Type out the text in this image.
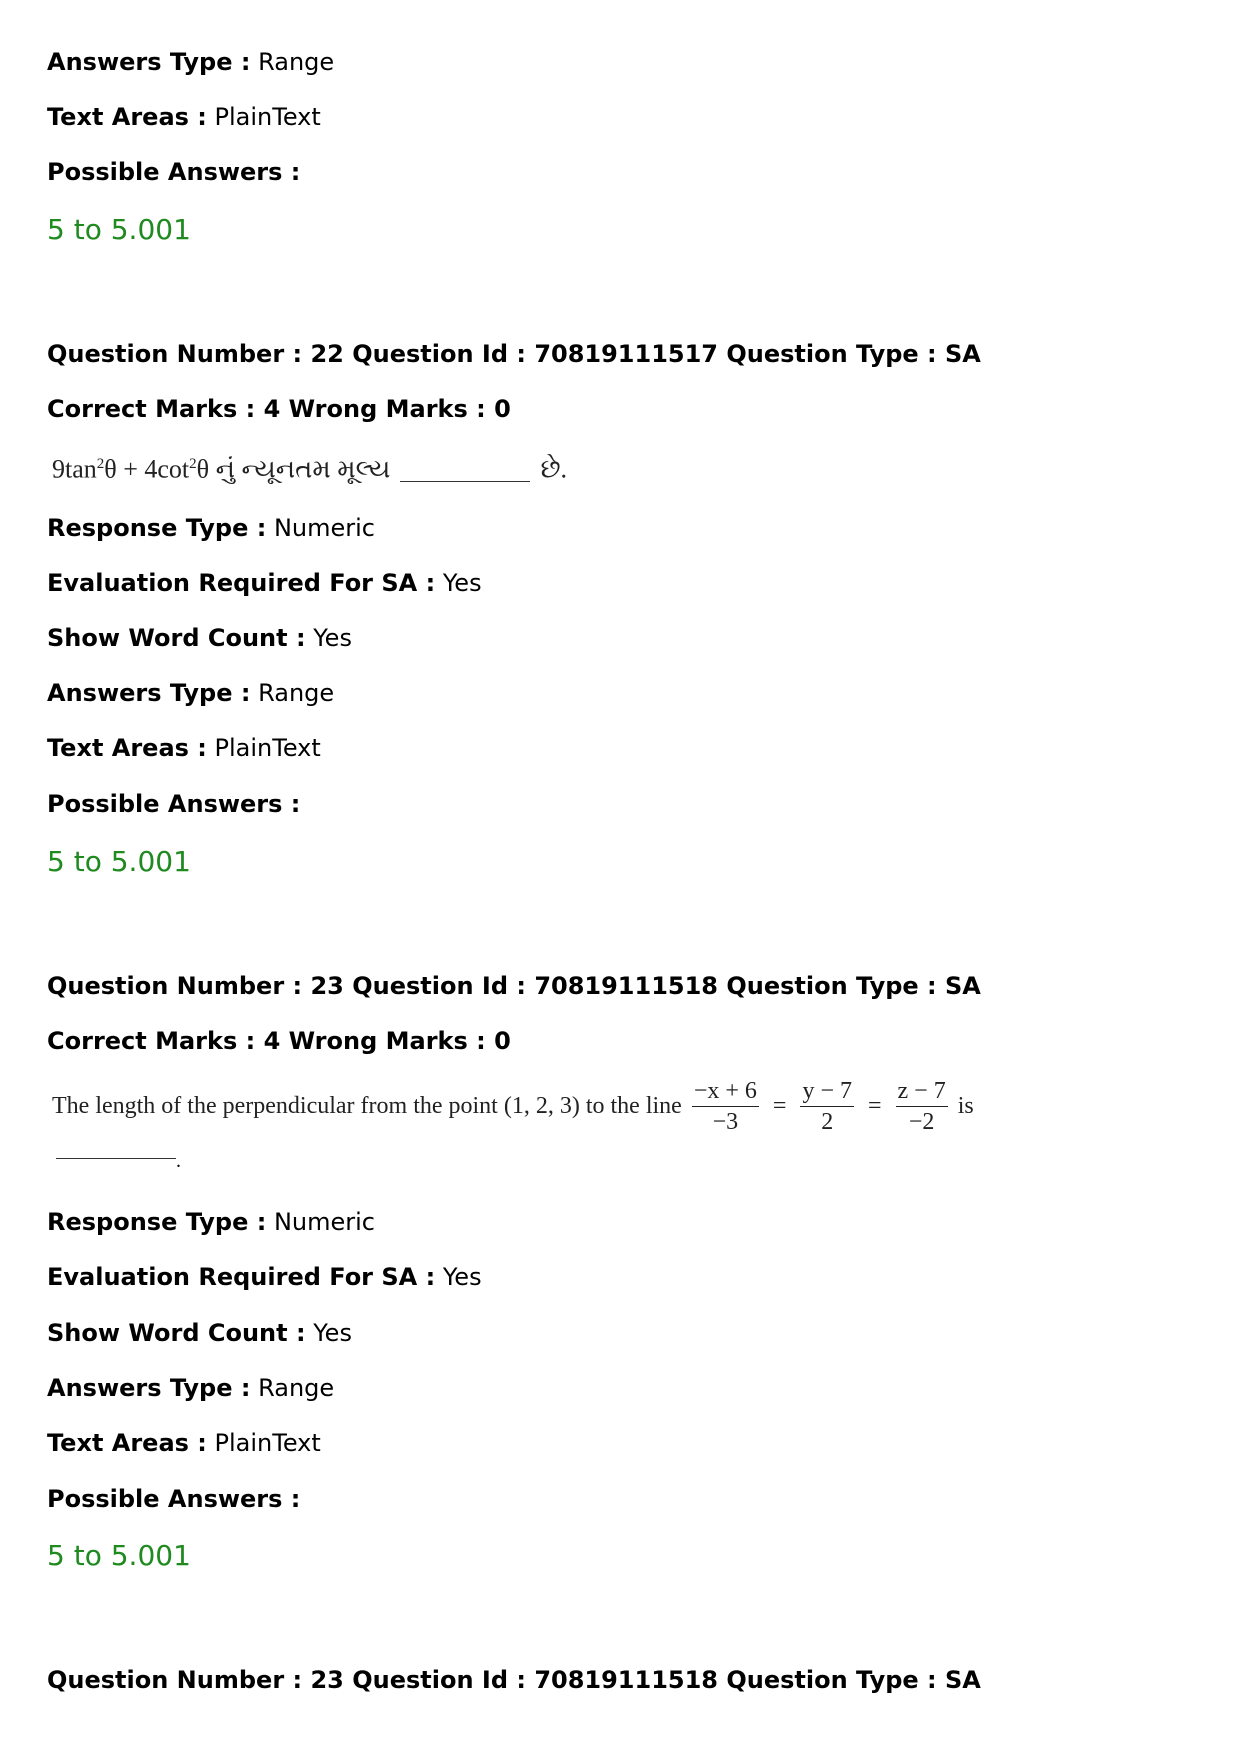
Answers Type : Range
Text Areas : PlainText
Possible Answers :
5 to 5.001
Question Number : 22 Question Id : 70819111517 Question Type : SA
Correct Marks : 4 Wrong Marks : 0
$9\tan^2\theta + 4\cot^2\theta$ નું ન્યૂનતમ મૂલ્ય	છે.
Response Type : Numeric
Evaluation Required For SA : Yes
Show Word Count : Yes
Answers Type : Range
Text Areas : PlainText
Possible Answers :
5 to 5.001
Question Number : 23 Question Id : 70819111518 Question Type : SA
Correct Marks : 4 Wrong Marks : 0
The length of the perpendicular from the point (1, 2, 3) to the line $\frac{-x + 6}{-3} = \frac{y - 7}{2} = \frac{z - 7}{-2}$ is
.
Response Type : Numeric
Evaluation Required For SA : Yes
Show Word Count : Yes
Answers Type : Range
Text Areas : PlainText
Possible Answers :
5 to 5.001
Question Number : 23 Question Id : 70819111518 Question Type : SA
